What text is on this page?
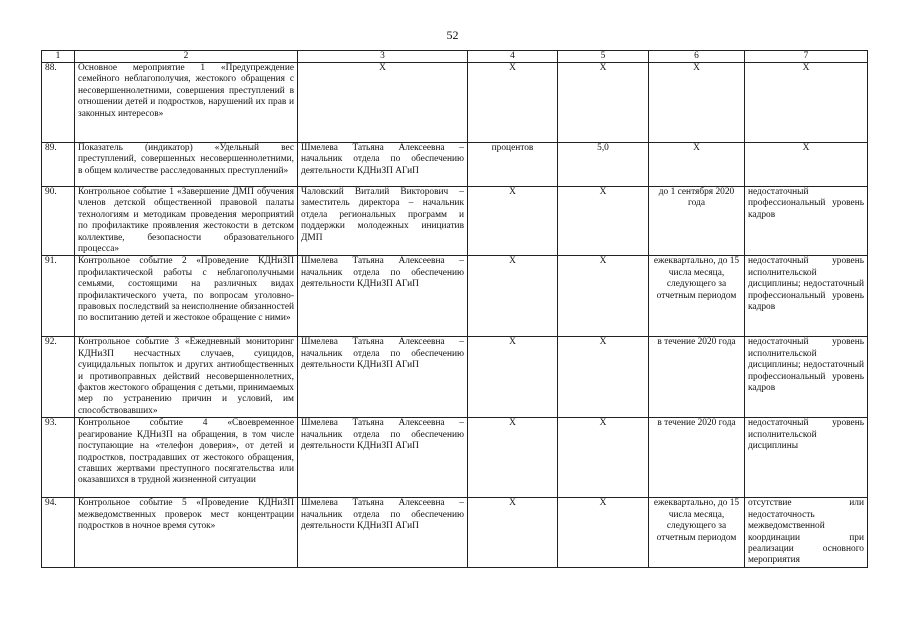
52
1	2	3	4	5	6	7
88.	Основное мероприятие 1 «Предупреждение семейного неблагополучия, жестокого обращения с несовершеннолетними, совершения преступлений в отношении детей и подростков, нарушений их прав и законных интересов»	Х	Х	Х	Х	Х
89.	Показатель (индикатор) «Удельный вес преступлений, совершенных несовершеннолетними, в общем количестве расследованных преступлений»	Шмелева Татьяна Алексеевна – начальник отдела по обеспечению деятельности КДНиЗП АГиП	процентов	5,0	Х	Х
90.	Контрольное событие 1 «Завершение ДМП обучения членов детской общественной правовой палаты технологиям и методикам проведения мероприятий по профилактике проявления жестокости в детском коллективе, безопасности образовательного процесса»	Чаловский Виталий Викторович – заместитель директора – начальник отдела региональных программ и поддержки молодежных инициатив ДМП	Х	Х	до 1 сентября 2020 года	недостаточный профессиональный уровень кадров
91.	Контрольное событие 2 «Проведение КДНиЗП профилактической работы с неблагополучными семьями, состоящими на различных видах профилактического учета, по вопросам уголовно-правовых последствий за неисполнение обязанностей по воспитанию детей и жестокое обращение с ними»	Шмелева Татьяна Алексеевна – начальник отдела по обеспечению деятельности КДНиЗП АГиП	Х	Х	ежеквартально, до 15 числа месяца, следующего за отчетным периодом	недостаточный уровень исполнительской дисциплины; недостаточный профессиональный уровень кадров
92.	Контрольное событие 3 «Ежедневный мониторинг КДНиЗП несчастных случаев, суицидов, суицидальных попыток и других антиобщественных и противоправных действий несовершеннолетних, фактов жестокого обращения с детьми, принимаемых мер по устранению причин и условий, им способствовавших»	Шмелева Татьяна Алексеевна – начальник отдела по обеспечению деятельности КДНиЗП АГиП	Х	Х	в течение 2020 года	недостаточный уровень исполнительской дисциплины; недостаточный профессиональный уровень кадров
93.	Контрольное событие 4 «Своевременное реагирование КДНиЗП на обращения, в том числе поступающие на «телефон доверия», от детей и подростков, пострадавших от жестокого обращения, ставших жертвами преступного посягательства или оказавшихся в трудной жизненной ситуации	Шмелева Татьяна Алексеевна – начальник отдела по обеспечению деятельности КДНиЗП АГиП	Х	Х	в течение 2020 года	недостаточный уровень исполнительской дисциплины
94.	Контрольное событие 5 «Проведение КДНиЗП межведомственных проверок мест концентрации подростков в ночное время суток»	Шмелева Татьяна Алексеевна – начальник отдела по обеспечению деятельности КДНиЗП АГиП	Х	Х	ежеквартально, до 15 числа месяца, следующего за отчетным периодом	отсутствие или недостаточность межведомственной координации при реализации основного мероприятия
